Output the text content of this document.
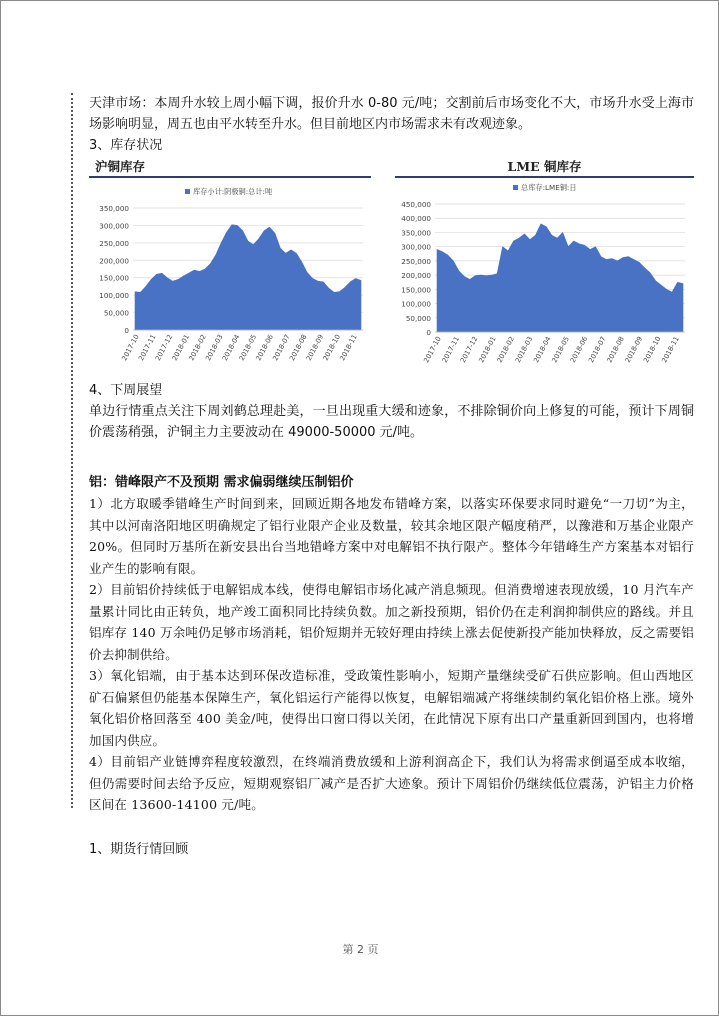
天津市场：本周升水较上周小幅下调，报价升水 0-80 元/吨；交割前后市场变化不大，市场升水受上海市场影响明显，周五也由平水转至升水。但目前地区内市场需求未有改观迹象。

3、库存状况

沪铜库存
0
50,000
100,000
150,000
200,000
250,000
300,000
350,000
2017-10
2017-11
2017-12
2018-01
2018-02
2018-03
2018-04
2018-05
2018-06
2018-07
2018-08
2018-09
2018-10
2018-11
库存小计:阴极铜:总计:吨
LME 铜库存
0
50,000
100,000
150,000
200,000
250,000
300,000
350,000
400,000
450,000
2017-10
2017-11
2017-12
2018-01
2018-02
2018-03
2018-04
2018-05
2018-06
2018-07
2018-08
2018-09
2018-10
2018-11
总库存:LME铜:日

4、下周展望

单边行情重点关注下周刘鹤总理赴美，一旦出现重大缓和迹象，不排除铜价向上修复的可能，预计下周铜价震荡稍强，沪铜主力主要波动在 49000-50000 元/吨。

铝：错峰限产不及预期 需求偏弱继续压制铝价

1）北方取暖季错峰生产时间到来，回顾近期各地发布错峰方案，以落实环保要求同时避免“一刀切”为主，其中以河南洛阳地区明确规定了铝行业限产企业及数量，较其余地区限产幅度稍严，以豫港和万基企业限产 20%。但同时万基所在新安县出台当地错峰方案中对电解铝不执行限产。整体今年错峰生产方案基本对铝行业产生的影响有限。

2）目前铝价持续低于电解铝成本线，使得电解铝市场化减产消息频现。但消费增速表现放缓，10 月汽车产量累计同比由正转负，地产竣工面积同比持续负数。加之新投预期，铝价仍在走利润抑制供应的路线。并且铝库存 140 万余吨仍足够市场消耗，铝价短期并无较好理由持续上涨去促使新投产能加快释放，反之需要铝价去抑制供给。

3）氧化铝端，由于基本达到环保改造标准，受政策性影响小，短期产量继续受矿石供应影响。但山西地区矿石偏紧但仍能基本保障生产，氧化铝运行产能得以恢复，电解铝端减产将继续制约氧化铝价格上涨。境外氧化铝价格回落至 400 美金/吨，使得出口窗口得以关闭，在此情况下原有出口产量重新回到国内，也将增加国内供应。

4）目前铝产业链博弈程度较激烈，在终端消费放缓和上游利润高企下，我们认为将需求倒逼至成本收缩，但仍需要时间去给予反应，短期观察铝厂减产是否扩大迹象。预计下周铝价仍继续低位震荡，沪铝主力价格区间在 13600-14100 元/吨。

1、期货行情回顾

第 2 页
